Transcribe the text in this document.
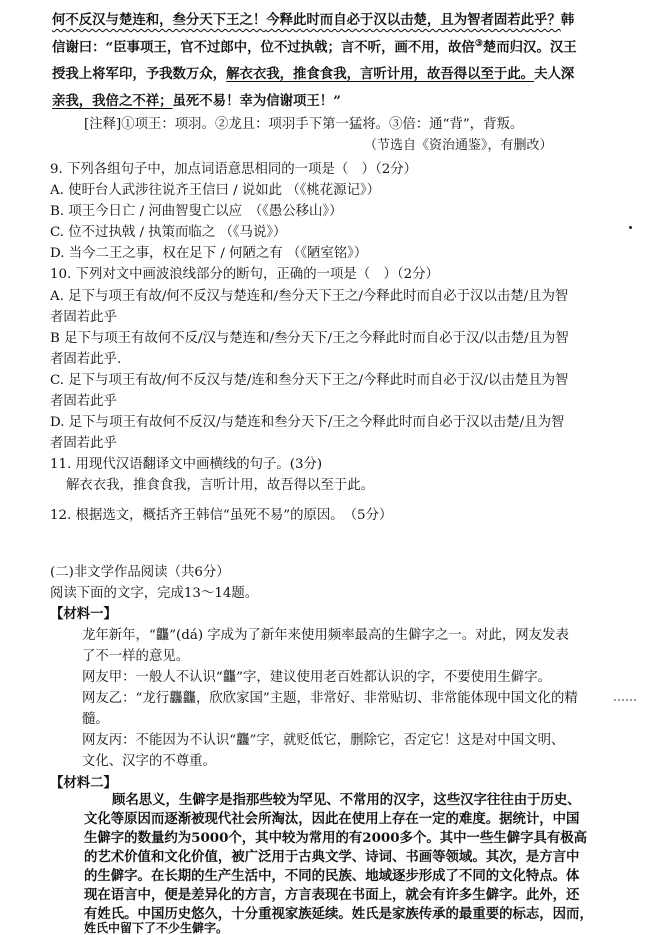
何不反汉与楚连和，叁分天下王之！今释此时而自必于汉以击楚，且为智者固若此乎？韩
信谢曰：“臣事项王，官不过郎中，位不过执戟；言不听，画不用，故倍③楚而归汉。汉王
授我上将军印，予我数万众，解衣衣我，推食食我，言听计用，故吾得以至于此。夫人深
亲我，我倍之不祥；虽死不易！幸为信谢项王！”
[注释]①项王：项羽。②龙且：项羽手下第一猛将。③倍：通“背”，背叛。
（节选自《资治通鉴》，有删改）
9. 下列各组句子中，加点词语意思相同的一项是（　）（2分）
A. 使盱台人武涉往说齐王信曰 / 说如此 （《桃花源记》）
B. 项王今日亡 / 河曲智叟亡以应　（《愚公移山》）
C. 位不过执戟 / 执策而临之 （《马说》）
D. 当今二王之事，权在足下 / 何陋之有 （《陋室铭》）
10. 下列对文中画波浪线部分的断句，正确的一项是（　）（2分）
A. 足下与项王有故/何不反汉与楚连和/叁分天下王之/今释此时而自必于汉以击楚/且为智
者固若此乎
B 足下与项王有故何不反/汉与楚连和/叁分天下/王之今释此时而自必于汉/以击楚/且为智
者固若此乎.
C. 足下与项王有故/何不反汉与楚/连和叁分天下王之/今释此时而自必于汉/以击楚且为智
者固若此乎
D. 足下与项王有故何不反汉/与楚连和叁分天下/王之今释此时而自必于汉以击楚/且为智
者固若此乎
11. 用现代汉语翻译文中画横线的句子。(3分)
解衣衣我，推食食我，言听计用，故吾得以至于此。
12. 根据选文，概括齐王韩信“虽死不易”的原因。　（5分）
(二)非文学作品阅读（共6分）
阅读下面的文字，完成13～14题。
【材料一】
龙年新年，“龘”(dá) 字成为了新年来使用频率最高的生僻字之一。对此，网友发表
了不一样的意见。
网友甲：一般人不认识“龘”字，建议使用老百姓都认识的字，不要使用生僻字。
网友乙：“龙行龘龘，欣欣家国”主题，非常好、非常贴切、非常能体现中国文化的精
髓。
网友丙：不能因为不认识“龘”字，就贬低它，删除它，否定它！这是对中国文明、
文化、汉字的不尊重。
【材料二】
顾名思义，生僻字是指那些较为罕见、不常用的汉字，这些汉字往往由于历史、
文化等原因而逐渐被现代社会所淘汰，因此在使用上存在一定的难度。据统计，中国
生僻字的数量约为5000个，其中较为常用的有2000多个。其中一些生僻字具有极高
的艺术价值和文化价值，被广泛用于古典文学、诗词、书画等领域。其次，是方言中
的生僻字。在长期的生产生活中，不同的民族、地域逐步形成了不同的文化特点。体
现在语言中，便是差异化的方言，方言表现在书面上，就会有许多生僻字。此外，还
有姓氏。中国历史悠久，十分重视家族延续。姓氏是家族传承的最重要的标志，因而，
姓氏中留下了不少生僻字。
